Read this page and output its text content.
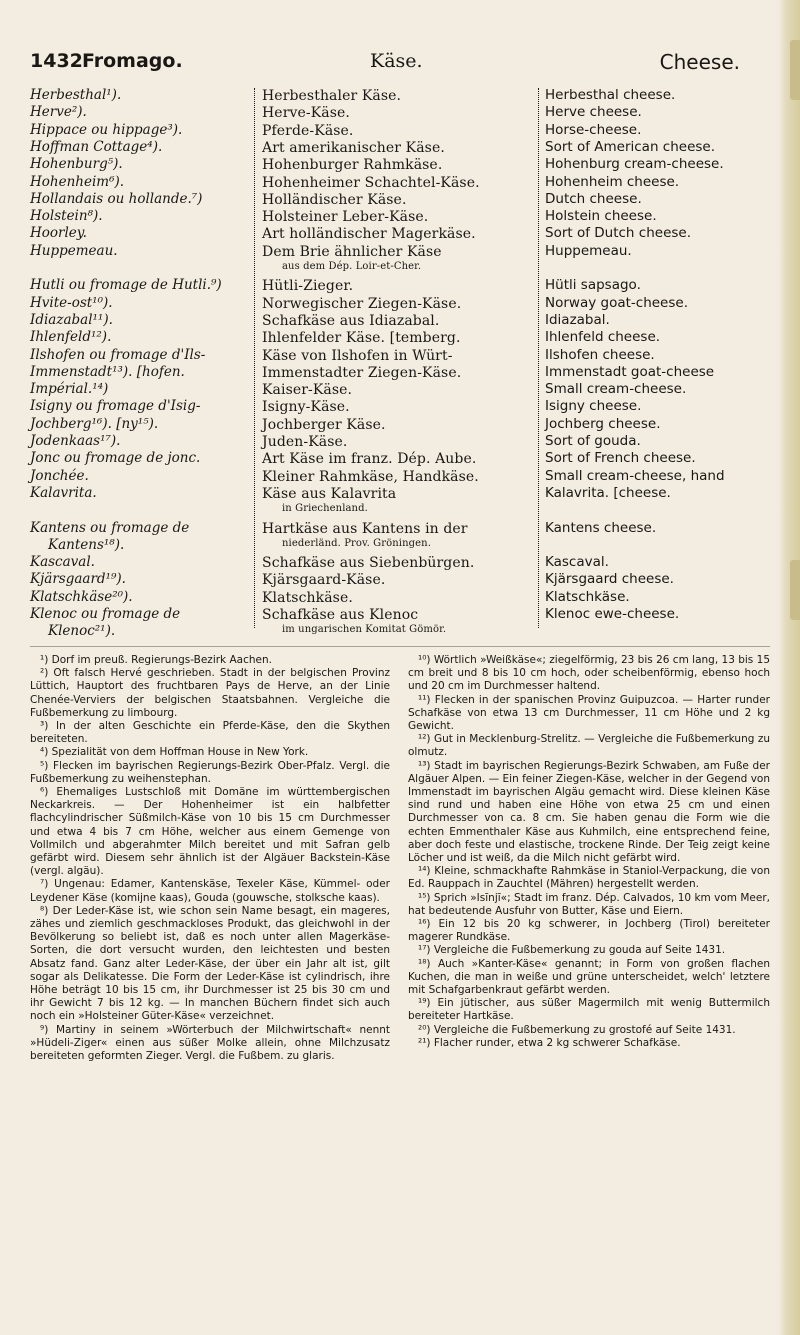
1432 Fromago.	Käse.	Cheese.
Herbesthal¹).
Herve²).
Hippace ou hippage³).
Hoffman Cottage⁴).
Hohenburg⁵).
Hohenheim⁶).
Hollandais ou hollande.⁷)
Holstein⁸).
Hoorley.
Huppemeau.
Hutli ou fromage de Hutli.⁹)
Hvite-ost¹⁰).
Idiazabal¹¹).
Ihlenfeld¹²).
Ilshofen ou fromage d'Ils-
Immenstadt¹³). [hofen.
Impérial.¹⁴)
Isigny ou fromage d'Isig-
Jochberg¹⁶). [ny¹⁵).
Jodenkaas¹⁷).
Jonc ou fromage de jonc.
Jonchée.
Kalavrita.
Kantens ou fromage de
Kantens¹⁸).
Kascaval.
Kjärsgaard¹⁹).
Klatschkäse²⁰).
Klenoc ou fromage de
Klenoc²¹).
Herbesthaler Käse.
Herve-Käse.
Pferde-Käse.
Art amerikanischer Käse.
Hohenburger Rahmkäse.
Hohenheimer Schachtel-Käse.
Holländischer Käse.
Holsteiner Leber-Käse.
Art holländischer Magerkäse.
Dem Brie ähnlicher Käse
aus dem Dép. Loir-et-Cher.
Hütli-Zieger.
Norwegischer Ziegen-Käse.
Schafkäse aus Idiazabal.
Ihlenfelder Käse. [temberg.
Käse von Ilshofen in Würt-
Immenstadter Ziegen-Käse.
Kaiser-Käse.
Isigny-Käse.
Jochberger Käse.
Juden-Käse.
Art Käse im franz. Dép. Aube.
Kleiner Rahmkäse, Handkäse.
Käse aus Kalavrita
in Griechenland.
Hartkäse aus Kantens in der
niederländ. Prov. Gröningen.
Schafkäse aus Siebenbürgen.
Kjärsgaard-Käse.
Klatschkäse.
Schafkäse aus Klenoc
im ungarischen Komitat Gömör.
Herbesthal cheese.
Herve cheese.
Horse-cheese.
Sort of American cheese.
Hohenburg cream-cheese.
Hohenheim cheese.
Dutch cheese.
Holstein cheese.
Sort of Dutch cheese.
Huppemeau.
Hütli sapsago.
Norway goat-cheese.
Idiazabal.
Ihlenfeld cheese.
Ilshofen cheese.
Immenstadt goat-cheese
Small cream-cheese.
Isigny cheese.
Jochberg cheese.
Sort of gouda.
Sort of French cheese.
Small cream-cheese, hand
Kalavrita. [cheese.
Kantens cheese.
Kascaval.
Kjärsgaard cheese.
Klatschkäse.
Klenoc ewe-cheese.

¹) Dorf im preuß. Regierungs-Bezirk Aachen.

²) Oft falsch Hervé geschrieben. Stadt in der belgischen Provinz Lüttich, Hauptort des fruchtbaren Pays de Herve, an der Linie Chenée-Verviers der belgischen Staatsbahnen. Vergleiche die Fußbemerkung zu limbourg.

³) In der alten Geschichte ein Pferde-Käse, den die Skythen bereiteten.

⁴) Spezialität von dem Hoffman House in New York.

⁵) Flecken im bayrischen Regierungs-Bezirk Ober-Pfalz. Vergl. die Fußbemerkung zu weihenstephan.

⁶) Ehemaliges Lustschloß mit Domäne im württembergischen Neckarkreis. — Der Hohenheimer ist ein halbfetter flachcylindrischer Süßmilch-Käse von 10 bis 15 cm Durchmesser und etwa 4 bis 7 cm Höhe, welcher aus einem Gemenge von Vollmilch und abgerahmter Milch bereitet und mit Safran gelb gefärbt wird. Diesem sehr ähnlich ist der Algäuer Backstein-Käse (vergl. algäu).

⁷) Ungenau: Edamer, Kantenskäse, Texeler Käse, Kümmel- oder Leydener Käse (komijne kaas), Gouda (gouwsche, stolksche kaas).

⁸) Der Leder-Käse ist, wie schon sein Name besagt, ein mageres, zähes und ziemlich geschmackloses Produkt, das gleichwohl in der Bevölkerung so beliebt ist, daß es noch unter allen Magerkäse-Sorten, die dort versucht wurden, den leichtesten und besten Absatz fand. Ganz alter Leder-Käse, der über ein Jahr alt ist, gilt sogar als Delikatesse. Die Form der Leder-Käse ist cylindrisch, ihre Höhe beträgt 10 bis 15 cm, ihr Durchmesser ist 25 bis 30 cm und ihr Gewicht 7 bis 12 kg. — In manchen Büchern findet sich auch noch ein »Holsteiner Güter-Käse« verzeichnet.

⁹) Martiny in seinem »Wörterbuch der Milchwirtschaft« nennt »Hüdeli-Ziger« einen aus süßer Molke allein, ohne Milchzusatz bereiteten geformten Zieger. Vergl. die Fußbem. zu glaris.

¹⁰) Wörtlich »Weißkäse«; ziegelförmig, 23 bis 26 cm lang, 13 bis 15 cm breit und 8 bis 10 cm hoch, oder scheibenförmig, ebenso hoch und 20 cm im Durchmesser haltend.

¹¹) Flecken in der spanischen Provinz Guipuzcoa. — Harter runder Schafkäse von etwa 13 cm Durchmesser, 11 cm Höhe und 2 kg Gewicht.

¹²) Gut in Mecklenburg-Strelitz. — Vergleiche die Fußbemerkung zu olmutz.

¹³) Stadt im bayrischen Regierungs-Bezirk Schwaben, am Fuße der Algäuer Alpen. — Ein feiner Ziegen-Käse, welcher in der Gegend von Immenstadt im bayrischen Algäu gemacht wird. Diese kleinen Käse sind rund und haben eine Höhe von etwa 25 cm und einen Durchmesser von ca. 8 cm. Sie haben genau die Form wie die echten Emmenthaler Käse aus Kuhmilch, eine entsprechend feine, aber doch feste und elastische, trockene Rinde. Der Teig zeigt keine Löcher und ist weiß, da die Milch nicht gefärbt wird.

¹⁴) Kleine, schmackhafte Rahmkäse in Staniol-Verpackung, die von Ed. Rauppach in Zauchtel (Mähren) hergestellt werden.

¹⁵) Sprich »Isīnjī«; Stadt im franz. Dép. Calvados, 10 km vom Meer, hat bedeutende Ausfuhr von Butter, Käse und Eiern.

¹⁶) Ein 12 bis 20 kg schwerer, in Jochberg (Tirol) bereiteter magerer Rundkäse.

¹⁷) Vergleiche die Fußbemerkung zu gouda auf Seite 1431.

¹⁸) Auch »Kanter-Käse« genannt; in Form von großen flachen Kuchen, die man in weiße und grüne unterscheidet, welch' letztere mit Schafgarbenkraut gefärbt werden.

¹⁹) Ein jütischer, aus süßer Magermilch mit wenig Buttermilch bereiteter Hartkäse.

²⁰) Vergleiche die Fußbemerkung zu grostofé auf Seite 1431.

²¹) Flacher runder, etwa 2 kg schwerer Schafkäse.
